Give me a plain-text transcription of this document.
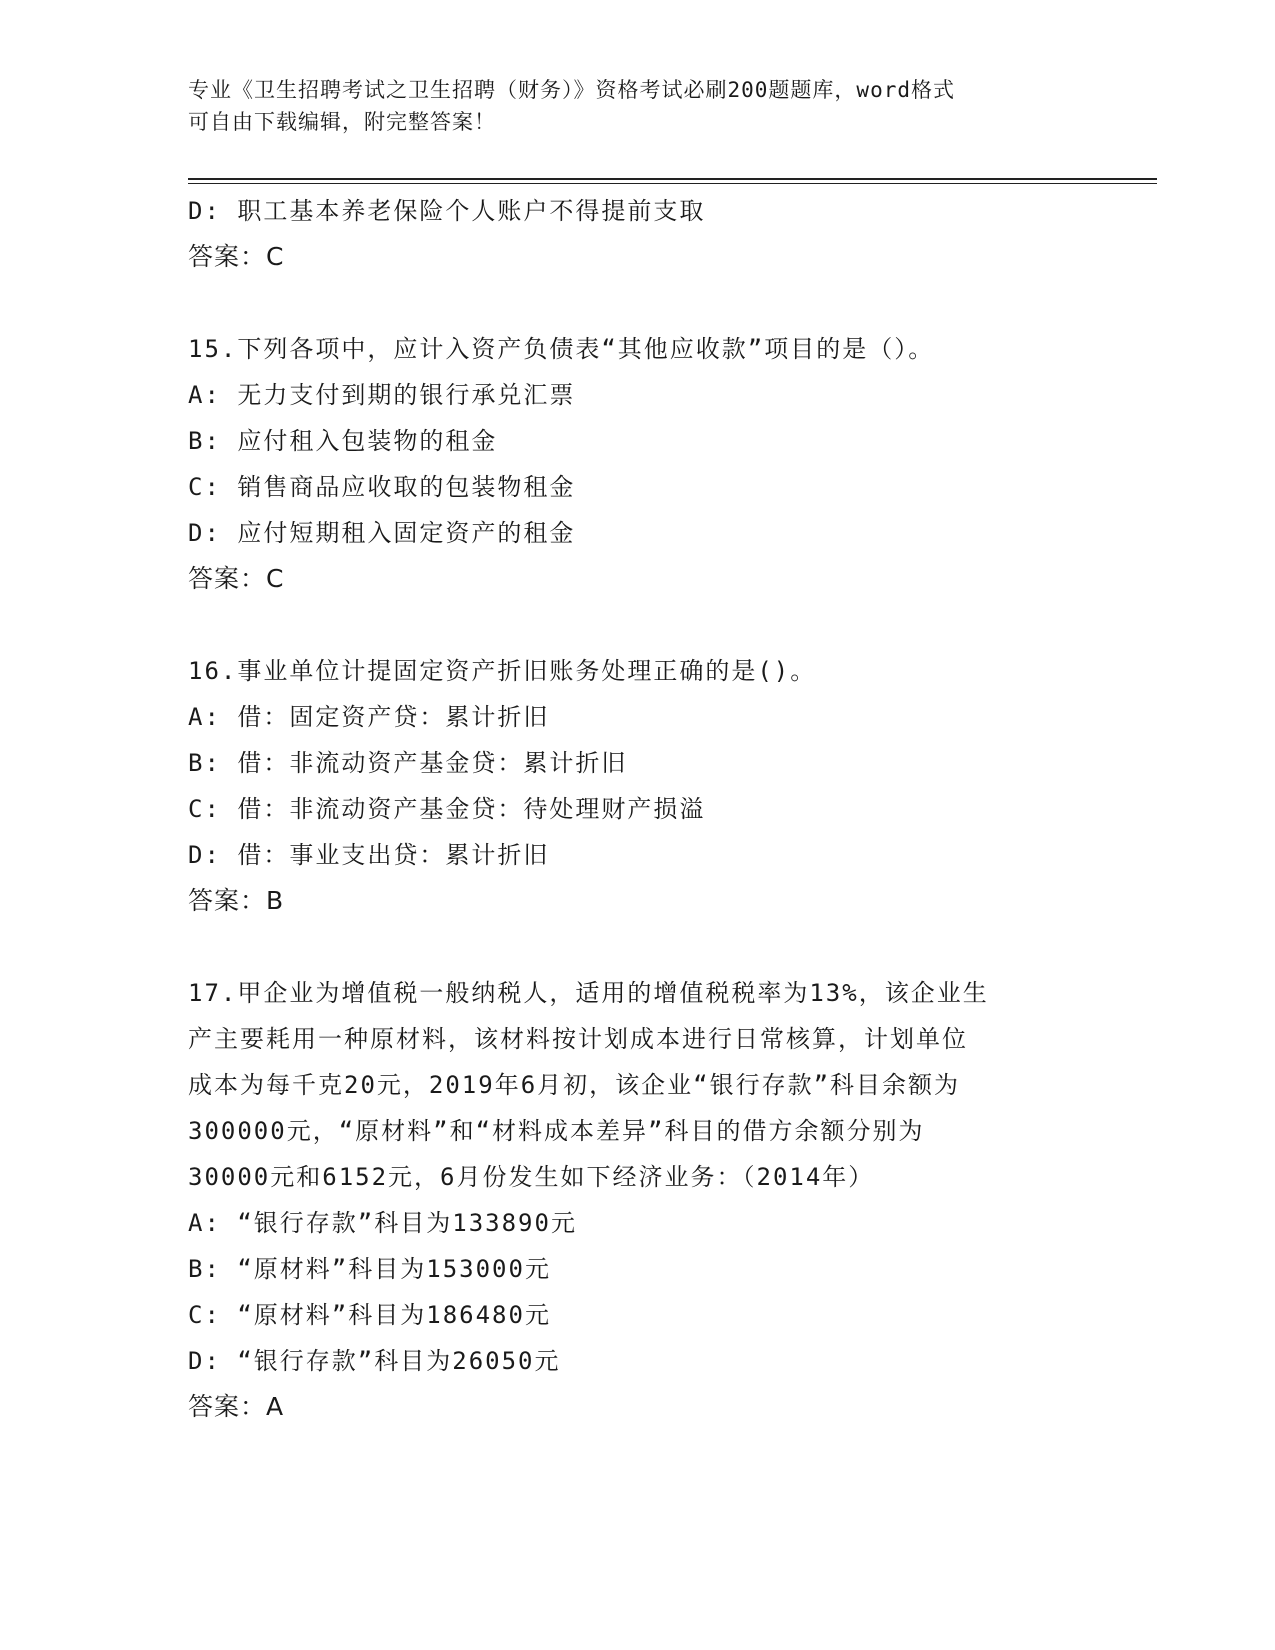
专业《卫生招聘考试之卫生招聘（财务）》资格考试必刷200题题库，word格式
可自由下载编辑，附完整答案！
D: 职工基本养老保险个人账户不得提前支取
答案：C
15.下列各项中，应计入资产负债表“其他应收款”项目的是（）。
A: 无力支付到期的银行承兑汇票
B: 应付租入包装物的租金
C: 销售商品应收取的包装物租金
D: 应付短期租入固定资产的租金
答案：C
16.事业单位计提固定资产折旧账务处理正确的是()。
A: 借：固定资产贷：累计折旧
B: 借：非流动资产基金贷：累计折旧
C: 借：非流动资产基金贷：待处理财产损溢
D: 借：事业支出贷：累计折旧
答案：B
17.甲企业为增值税一般纳税人，适用的增值税税率为13%，该企业生
产主要耗用一种原材料，该材料按计划成本进行日常核算，计划单位
成本为每千克20元，2019年6月初，该企业“银行存款”科目余额为
300000元，“原材料”和“材料成本差异”科目的借方余额分别为
30000元和6152元，6月份发生如下经济业务：（2014年）
A: “银行存款”科目为133890元
B: “原材料”科目为153000元
C: “原材料”科目为186480元
D: “银行存款”科目为26050元
答案：A
